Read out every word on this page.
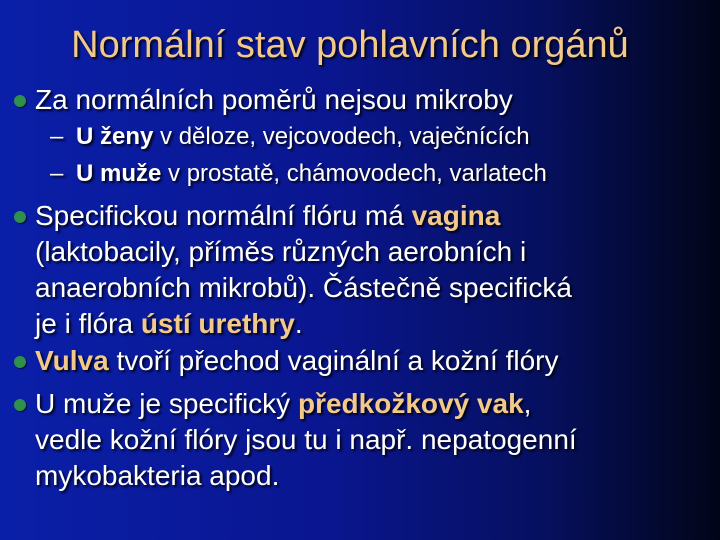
Normální stav pohlavních orgánů
Za normálních poměrů nejsou mikroby
– U ženy v děloze, vejcovodech, vaječnících
– U muže v prostatě, chámovodech, varlatech
Specifickou normální flóru má vagina
(laktobacily, příměs různých aerobních i
anaerobních mikrobů). Částečně specifická
je i flóra ústí urethry.
Vulva tvoří přechod vaginální a kožní flóry
U muže je specifický předkožkový vak,
vedle kožní flóry jsou tu i např. nepatogenní
mykobakteria apod.
